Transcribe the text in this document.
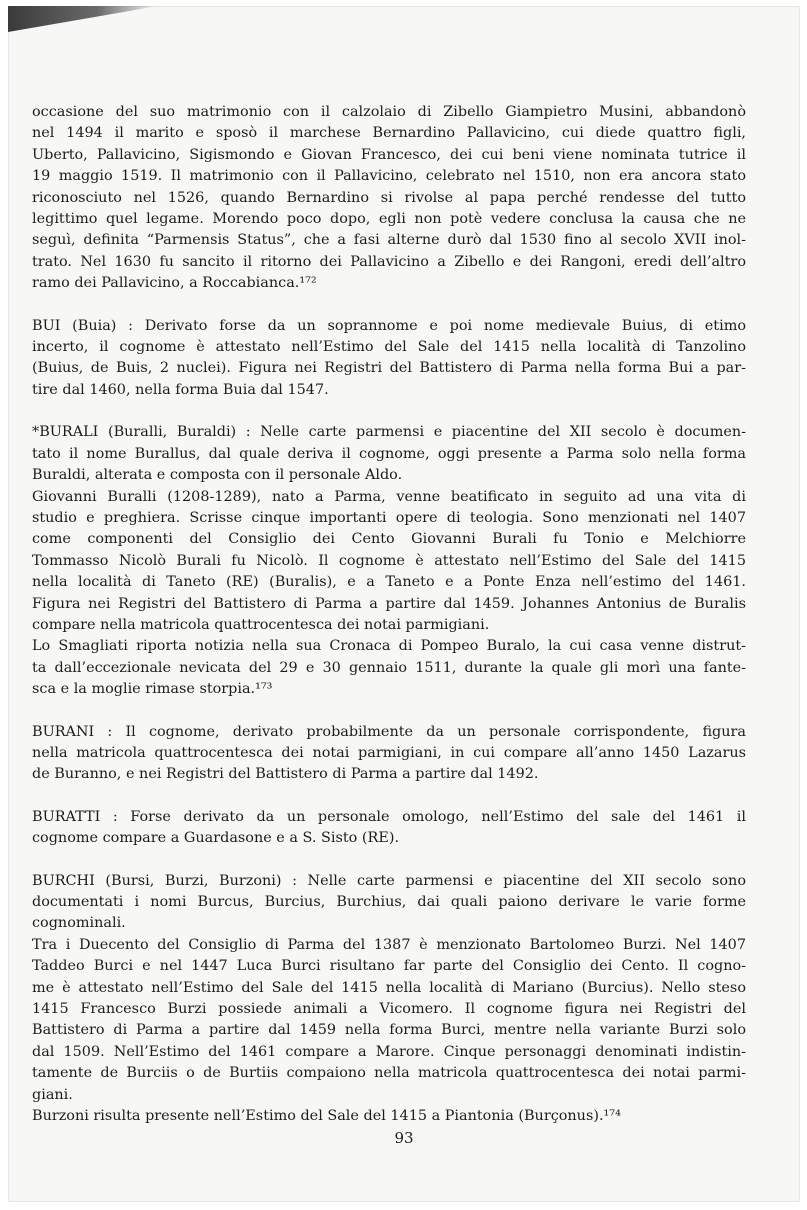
occasione del suo matrimonio con il calzolaio di Zibello Giampietro Musini, abbandonò
nel 1494 il marito e sposò il marchese Bernardino Pallavicino, cui diede quattro figli,
Uberto, Pallavicino, Sigismondo e Giovan Francesco, dei cui beni viene nominata tutrice il
19 maggio 1519. Il matrimonio con il Pallavicino, celebrato nel 1510, non era ancora stato
riconosciuto nel 1526, quando Bernardino si rivolse al papa perché rendesse del tutto
legittimo quel legame. Morendo poco dopo, egli non potè vedere conclusa la causa che ne
seguì, definita “Parmensis Status”, che a fasi alterne durò dal 1530 fino al secolo XVII inol-
trato. Nel 1630 fu sancito il ritorno dei Pallavicino a Zibello e dei Rangoni, eredi dell’altro
ramo dei Pallavicino, a Roccabianca.¹⁷²
BUI (Buia) : Derivato forse da un soprannome e poi nome medievale Buius, di etimo
incerto, il cognome è attestato nell’Estimo del Sale del 1415 nella località di Tanzolino
(Buius, de Buis, 2 nuclei). Figura nei Registri del Battistero di Parma nella forma Bui a par-
tire dal 1460, nella forma Buia dal 1547.
*BURALI (Buralli, Buraldi) : Nelle carte parmensi e piacentine del XII secolo è documen-
tato il nome Burallus, dal quale deriva il cognome, oggi presente a Parma solo nella forma
Buraldi, alterata e composta con il personale Aldo.
Giovanni Buralli (1208-1289), nato a Parma, venne beatificato in seguito ad una vita di
studio e preghiera. Scrisse cinque importanti opere di teologia. Sono menzionati nel 1407
come componenti del Consiglio dei Cento Giovanni Burali fu Tonio e Melchiorre
Tommasso Nicolò Burali fu Nicolò. Il cognome è attestato nell’Estimo del Sale del 1415
nella località di Taneto (RE) (Buralis), e a Taneto e a Ponte Enza nell’estimo del 1461.
Figura nei Registri del Battistero di Parma a partire dal 1459. Johannes Antonius de Buralis
compare nella matricola quattrocentesca dei notai parmigiani.
Lo Smagliati riporta notizia nella sua Cronaca di Pompeo Buralo, la cui casa venne distrut-
ta dall’eccezionale nevicata del 29 e 30 gennaio 1511, durante la quale gli morì una fante-
sca e la moglie rimase storpia.¹⁷³
BURANI : Il cognome, derivato probabilmente da un personale corrispondente, figura
nella matricola quattrocentesca dei notai parmigiani, in cui compare all’anno 1450 Lazarus
de Buranno, e nei Registri del Battistero di Parma a partire dal 1492.
BURATTI : Forse derivato da un personale omologo, nell’Estimo del sale del 1461 il
cognome compare a Guardasone e a S. Sisto (RE).
BURCHI (Bursi, Burzi, Burzoni) : Nelle carte parmensi e piacentine del XII secolo sono
documentati i nomi Burcus, Burcius, Burchius, dai quali paiono derivare le varie forme
cognominali.
Tra i Duecento del Consiglio di Parma del 1387 è menzionato Bartolomeo Burzi. Nel 1407
Taddeo Burci e nel 1447 Luca Burci risultano far parte del Consiglio dei Cento. Il cogno-
me è attestato nell’Estimo del Sale del 1415 nella località di Mariano (Burcius). Nello steso
1415 Francesco Burzi possiede animali a Vicomero. Il cognome figura nei Registri del
Battistero di Parma a partire dal 1459 nella forma Burci, mentre nella variante Burzi solo
dal 1509. Nell’Estimo del 1461 compare a Marore. Cinque personaggi denominati indistin-
tamente de Burciis o de Burtiis compaiono nella matricola quattrocentesca dei notai parmi-
giani.
Burzoni risulta presente nell’Estimo del Sale del 1415 a Piantonia (Burçonus).¹⁷⁴
93
